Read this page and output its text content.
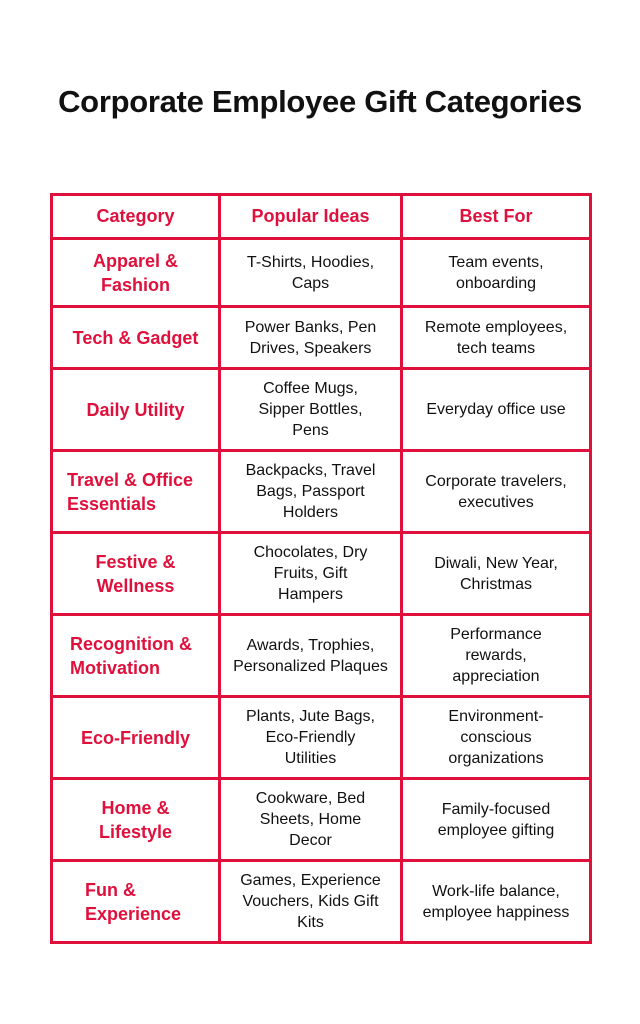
Corporate Employee Gift Categories
Category	Popular Ideas	Best For
Apparel & Fashion	T-Shirts, Hoodies, Caps	Team events, onboarding
Tech & Gadget	Power Banks, Pen Drives, Speakers	Remote employees, tech teams
Daily Utility	Coffee Mugs, Sipper Bottles, Pens	Everyday office use
Travel & Office Essentials	Backpacks, Travel Bags, Passport Holders	Corporate travelers, executives
Festive & Wellness	Chocolates, Dry Fruits, Gift Hampers	Diwali, New Year, Christmas
Recognition & Motivation	Awards, Trophies, Personalized Plaques	Performance rewards, appreciation
Eco-Friendly	Plants, Jute Bags, Eco-Friendly Utilities	Environment-conscious organizations
Home & Lifestyle	Cookware, Bed Sheets, Home Decor	Family-focused employee gifting
Fun & Experience	Games, Experience Vouchers, Kids Gift Kits	Work-life balance, employee happiness
